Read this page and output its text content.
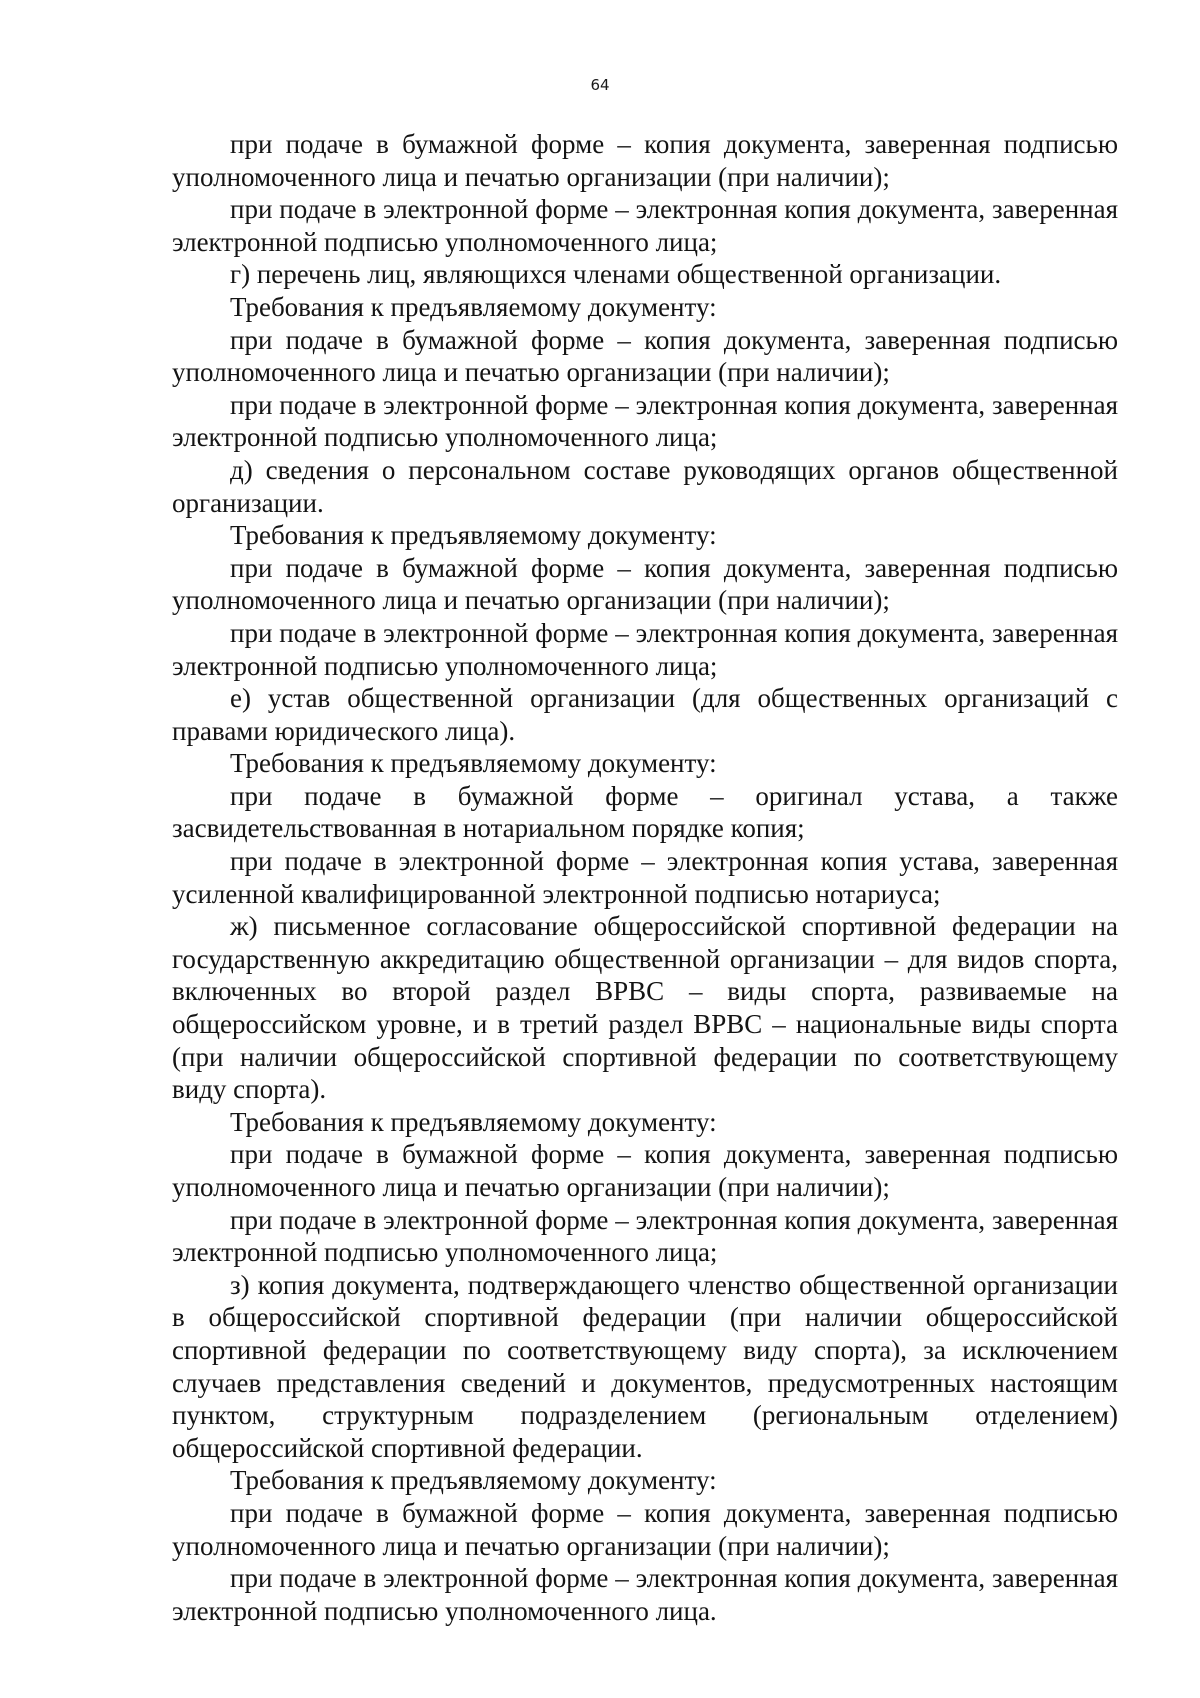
64

при подаче в бумажной форме – копия документа, заверенная подписью уполномоченного лица и печатью организации (при наличии);

при подаче в электронной форме – электронная копия документа, заверенная электронной подписью уполномоченного лица;

г) перечень лиц, являющихся членами общественной организации.

Требования к предъявляемому документу:

при подаче в бумажной форме – копия документа, заверенная подписью уполномоченного лица и печатью организации (при наличии);

при подаче в электронной форме – электронная копия документа, заверенная электронной подписью уполномоченного лица;

д) сведения о персональном составе руководящих органов общественной организации.

Требования к предъявляемому документу:

при подаче в бумажной форме – копия документа, заверенная подписью уполномоченного лица и печатью организации (при наличии);

при подаче в электронной форме – электронная копия документа, заверенная электронной подписью уполномоченного лица;

е) устав общественной организации (для общественных организаций с правами юридического лица).

Требования к предъявляемому документу:

при подаче в бумажной форме – оригинал устава, а также засвидетельствованная в нотариальном порядке копия;

при подаче в электронной форме – электронная копия устава, заверенная усиленной квалифицированной электронной подписью нотариуса;

ж) письменное согласование общероссийской спортивной федерации на государственную аккредитацию общественной организации – для видов спорта, включенных во второй раздел ВРВС – виды спорта, развиваемые на общероссийском уровне, и в третий раздел ВРВС – национальные виды спорта (при наличии общероссийской спортивной федерации по соответствующему виду спорта).

Требования к предъявляемому документу:

при подаче в бумажной форме – копия документа, заверенная подписью уполномоченного лица и печатью организации (при наличии);

при подаче в электронной форме – электронная копия документа, заверенная электронной подписью уполномоченного лица;

з) копия документа, подтверждающего членство общественной организации в общероссийской спортивной федерации (при наличии общероссийской спортивной федерации по соответствующему виду спорта), за исключением случаев представления сведений и документов, предусмотренных настоящим пунктом, структурным подразделением (региональным отделением) общероссийской спортивной федерации.

Требования к предъявляемому документу:

при подаче в бумажной форме – копия документа, заверенная подписью уполномоченного лица и печатью организации (при наличии);

при подаче в электронной форме – электронная копия документа, заверенная электронной подписью уполномоченного лица.
